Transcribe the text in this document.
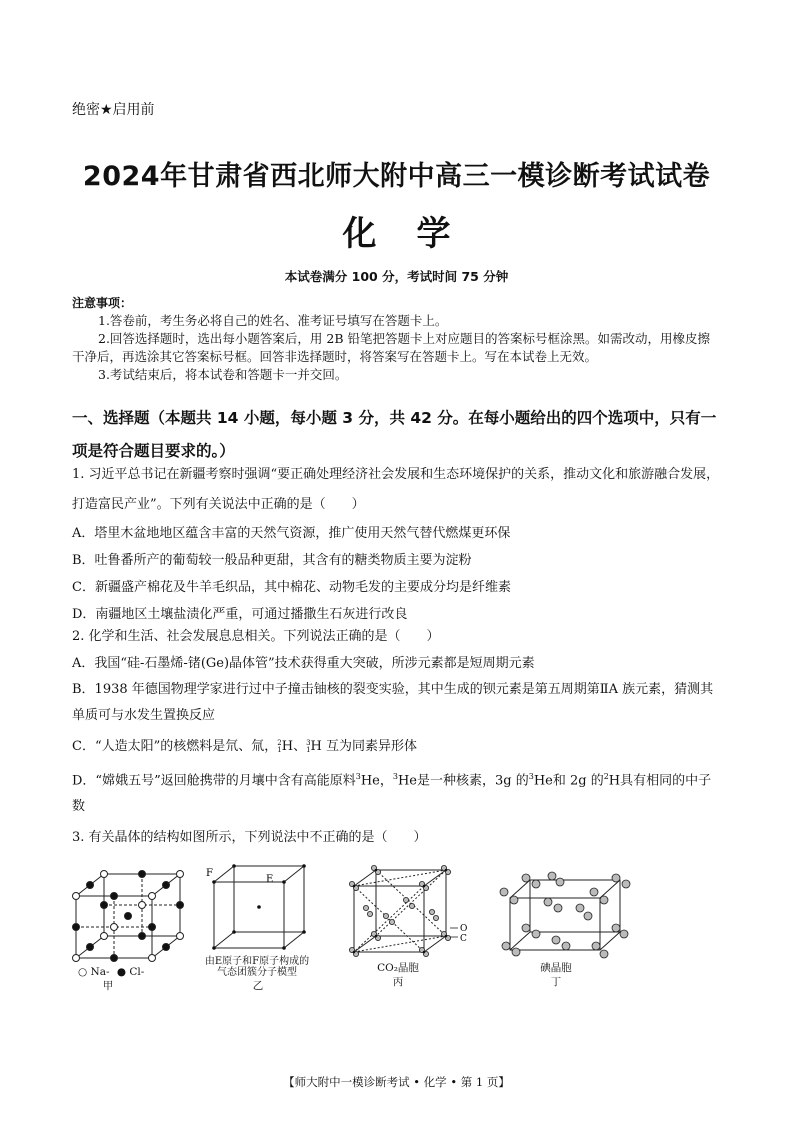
绝密★启用前
2024年甘肃省西北师大附中高三一模诊断考试试卷
化学
本试卷满分 100 分，考试时间 75 分钟
注意事项：
1.答卷前，考生务必将自己的姓名、准考证号填写在答题卡上。
2.回答选择题时，选出每小题答案后，用 2B 铅笔把答题卡上对应题目的答案标号框涂黑。如需改动，用橡皮擦干净后，再选涂其它答案标号框。回答非选择题时，将答案写在答题卡上。写在本试卷上无效。
3.考试结束后，将本试卷和答题卡一并交回。
一、选择题（本题共 14 小题，每小题 3 分，共 42 分。在每小题给出的四个选项中，只有一项是符合题目要求的。）
1. 习近平总书记在新疆考察时强调“要正确处理经济社会发展和生态环境保护的关系，推动文化和旅游融合发展，打造富民产业”。下列有关说法中正确的是（　　）
A．塔里木盆地地区蕴含丰富的天然气资源，推广使用天然气替代燃煤更环保
B．吐鲁番所产的葡萄较一般品种更甜，其含有的糖类物质主要为淀粉
C．新疆盛产棉花及牛羊毛织品，其中棉花、动物毛发的主要成分均是纤维素
D．南疆地区土壤盐渍化严重，可通过播撒生石灰进行改良
2. 化学和生活、社会发展息息相关。下列说法正确的是（　　）
A．我国“硅-石墨烯-锗(Ge)晶体管”技术获得重大突破，所涉元素都是短周期元素
B．1938 年德国物理学家进行过中子撞击铀核的裂变实验，其中生成的钡元素是第五周期第ⅡA 族元素，猜测其单质可与水发生置换反应
C．“人造太阳”的核燃料是氘、氚， 2
1 H、 3
1 H 互为同素异形体
D．“嫦娥五号”返回舱携带的月壤中含有高能原料$^3$He，$^3$He是一种核素，3g 的$^3$He和 2g 的$^2$H具有相同的中子数
3. 有关晶体的结构如图所示，下列说法中不正确的是（　　）
○ Na- ● Cl-
甲
F
E
由E原子和F原子构成的气态团簇分子模型
乙
O
C
CO₂晶胞
丙
碘晶胞
丁
【师大附中一模诊断考试 • 化学 • 第 1 页】
